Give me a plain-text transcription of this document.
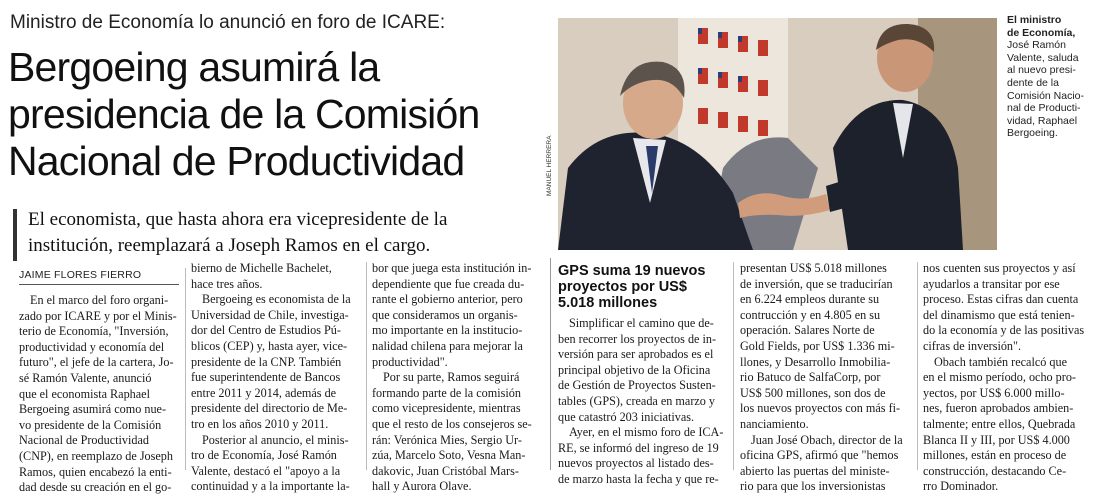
Ministro de Economía lo anunció en foro de ICARE:
Bergoeing asumirá la
presidencia de la Comisión
Nacional de Productividad
El economista, que hasta ahora era vicepresidente de la
institución, reemplazará a Joseph Ramos en el cargo.
JAIME FLORES FIERRO
En el marco del foro organi-
zado por ICARE y por el Minis-
terio de Economía, "Inversión,
productividad y economía del
futuro", el jefe de la cartera, Jo-
sé Ramón Valente, anunció
que el economista Raphael
Bergoeing asumirá como nue-
vo presidente de la Comisión
Nacional de Productividad
(CNP), en reemplazo de Joseph
Ramos, quien encabezó la enti-
dad desde su creación en el go-
bierno de Michelle Bachelet,
hace tres años.
Bergoeing es economista de la
Universidad de Chile, investiga-
dor del Centro de Estudios Pú-
blicos (CEP) y, hasta ayer, vice-
presidente de la CNP. También
fue superintendente de Bancos
entre 2011 y 2014, además de
presidente del directorio de Me-
tro en los años 2010 y 2011.
Posterior al anuncio, el minis-
tro de Economía, José Ramón
Valente, destacó el "apoyo a la
continuidad y a la importante la-
bor que juega esta institución in-
dependiente que fue creada du-
rante el gobierno anterior, pero
que consideramos un organis-
mo importante en la institucio-
nalidad chilena para mejorar la
productividad".
Por su parte, Ramos seguirá
formando parte de la comisión
como vicepresidente, mientras
que el resto de los consejeros se-
rán: Verónica Mies, Sergio Ur-
zúa, Marcelo Soto, Vesna Man-
dakovic, Juan Cristóbal Mars-
hall y Aurora Olave.
MANUEL HERRERA
El ministro
de Economía,
José Ramón
Valente, saluda
al nuevo presi-
dente de la
Comisión Nacio-
nal de Producti-
vidad, Raphael
Bergoeing.
GPS suma 19 nuevos
proyectos por US$
5.018 millones
Simplificar el camino que de-
ben recorrer los proyectos de in-
versión para ser aprobados es el
principal objetivo de la Oficina
de Gestión de Proyectos Susten-
tables (GPS), creada en marzo y
que catastró 203 iniciativas.
Ayer, en el mismo foro de ICA-
RE, se informó del ingreso de 19
nuevos proyectos al listado des-
de marzo hasta la fecha y que re-
presentan US$ 5.018 millones
de inversión, que se traducirían
en 6.224 empleos durante su
contrucción y en 4.805 en su
operación. Salares Norte de
Gold Fields, por US$ 1.336 mi-
llones, y Desarrollo Inmobilia-
rio Batuco de SalfaCorp, por
US$ 500 millones, son dos de
los nuevos proyectos con más fi-
nanciamiento.
Juan José Obach, director de la
oficina GPS, afirmó que "hemos
abierto las puertas del ministe-
rio para que los inversionistas
nos cuenten sus proyectos y así
ayudarlos a transitar por ese
proceso. Estas cifras dan cuenta
del dinamismo que está tenien-
do la economía y de las positivas
cifras de inversión".
Obach también recalcó que
en el mismo período, ocho pro-
yectos, por US$ 6.000 millo-
nes, fueron aprobados ambien-
talmente; entre ellos, Quebrada
Blanca II y III, por US$ 4.000
millones, están en proceso de
construcción, destacando Ce-
rro Dominador.
